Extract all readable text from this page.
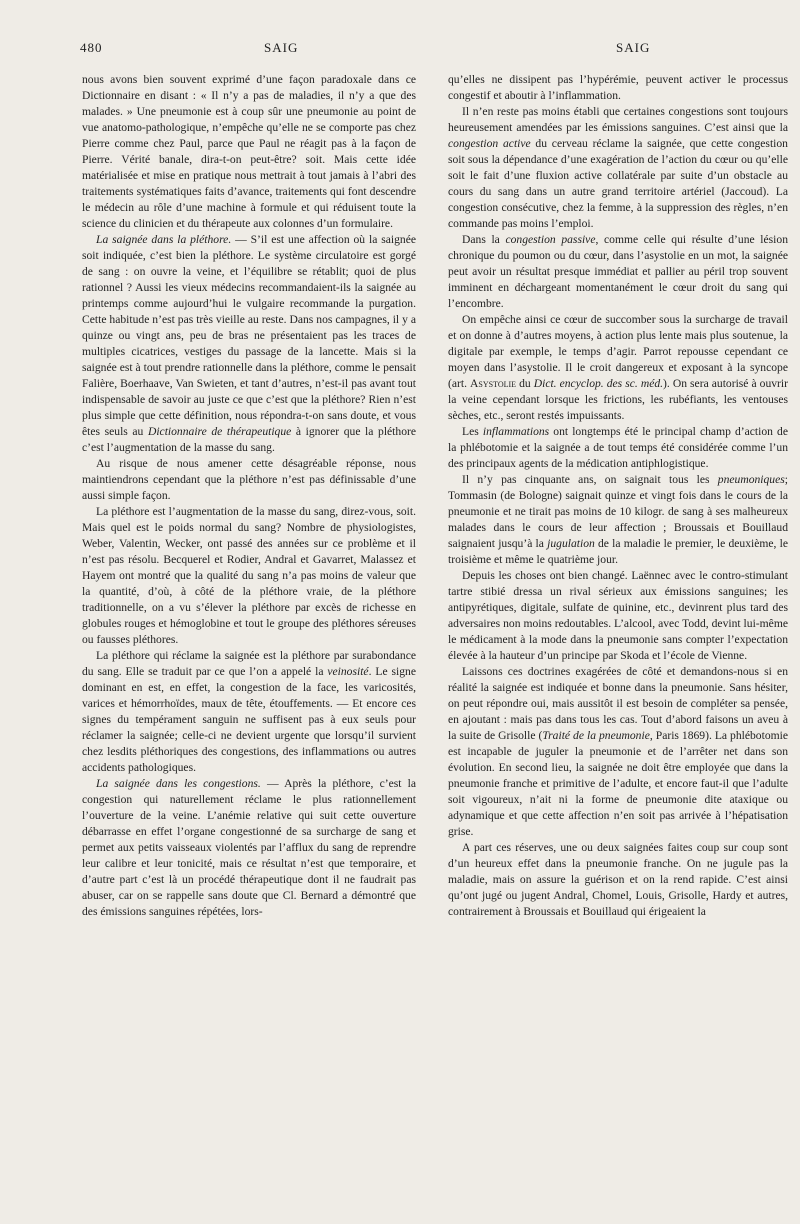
480	SAIG	SAIG

nous avons bien souvent exprimé d’une façon paradoxale dans ce Dictionnaire en disant : « Il n’y a pas de maladies, il n’y a que des malades. » Une pneumonie est à coup sûr une pneumonie au point de vue anatomo-pathologique, n’empêche qu’elle ne se comporte pas chez Pierre comme chez Paul, parce que Paul ne réagit pas à la façon de Pierre. Vérité banale, dira-t-on peut-être? soit. Mais cette idée matérialisée et mise en pratique nous mettrait à tout jamais à l’abri des traitements systématiques faits d’avance, traitements qui font descendre le médecin au rôle d’une machine à formule et qui réduisent toute la science du clinicien et du thérapeute aux colonnes d’un formulaire.

La saignée dans la pléthore. — S’il est une affection où la saignée soit indiquée, c’est bien la pléthore. Le système circulatoire est gorgé de sang : on ouvre la veine, et l’équilibre se rétablit; quoi de plus rationnel ? Aussi les vieux médecins recommandaient-ils la saignée au printemps comme aujourd’hui le vulgaire recommande la purgation. Cette habitude n’est pas très vieille au reste. Dans nos campagnes, il y a quinze ou vingt ans, peu de bras ne présentaient pas les traces de multiples cicatrices, vestiges du passage de la lancette. Mais si la saignée est à tout prendre rationnelle dans la pléthore, comme le pensait Falière, Boerhaave, Van Swieten, et tant d’autres, n’est-il pas avant tout indispensable de savoir au juste ce que c’est que la pléthore? Rien n’est plus simple que cette définition, nous répondra-t-on sans doute, et vous êtes seuls au Dictionnaire de thérapeutique à ignorer que la pléthore c’est l’augmentation de la masse du sang.

Au risque de nous amener cette désagréable réponse, nous maintiendrons cependant que la pléthore n’est pas définissable d’une aussi simple façon.

La pléthore est l’augmentation de la masse du sang, direz-vous, soit. Mais quel est le poids normal du sang? Nombre de physiologistes, Weber, Valentin, Wecker, ont passé des années sur ce problème et il n’est pas résolu. Becquerel et Rodier, Andral et Gavarret, Malassez et Hayem ont montré que la qualité du sang n’a pas moins de valeur que la quantité, d’où, à côté de la pléthore vraie, de la pléthore traditionnelle, on a vu s’élever la pléthore par excès de richesse en globules rouges et hémoglobine et tout le groupe des pléthores séreuses ou fausses pléthores.

La pléthore qui réclame la saignée est la pléthore par surabondance du sang. Elle se traduit par ce que l’on a appelé la veinosité. Le signe dominant en est, en effet, la congestion de la face, les varicosités, varices et hémorrhoïdes, maux de tête, étouffements. — Et encore ces signes du tempérament sanguin ne suffisent pas à eux seuls pour réclamer la saignée; celle-ci ne devient urgente que lorsqu’il survient chez lesdits pléthoriques des congestions, des inflammations ou autres accidents pathologiques.

La saignée dans les congestions. — Après la pléthore, c’est la congestion qui naturellement réclame le plus rationnellement l’ouverture de la veine. L’anémie relative qui suit cette ouverture débarrasse en effet l’organe congestionné de sa surcharge de sang et permet aux petits vaisseaux violentés par l’afflux du sang de reprendre leur calibre et leur tonicité, mais ce résultat n’est que temporaire, et d’autre part c’est là un procédé thérapeutique dont il ne faudrait pas abuser, car on se rappelle sans doute que Cl. Bernard a démontré que des émissions sanguines répétées, lors-

qu’elles ne dissipent pas l’hypérémie, peuvent activer le processus congestif et aboutir à l’inflammation.

Il n’en reste pas moins établi que certaines congestions sont toujours heureusement amendées par les émissions sanguines. C’est ainsi que la congestion active du cerveau réclame la saignée, que cette congestion soit sous la dépendance d’une exagération de l’action du cœur ou qu’elle soit le fait d’une fluxion active collatérale par suite d’un obstacle au cours du sang dans un autre grand territoire artériel (Jaccoud). La congestion consécutive, chez la femme, à la suppression des règles, n’en commande pas moins l’emploi.

Dans la congestion passive, comme celle qui résulte d’une lésion chronique du poumon ou du cœur, dans l’asystolie en un mot, la saignée peut avoir un résultat presque immédiat et pallier au péril trop souvent imminent en déchargeant momentanément le cœur droit du sang qui l’encombre.

On empêche ainsi ce cœur de succomber sous la surcharge de travail et on donne à d’autres moyens, à action plus lente mais plus soutenue, la digitale par exemple, le temps d’agir. Parrot repousse cependant ce moyen dans l’asystolie. Il le croit dangereux et exposant à la syncope (art. Asystolie du Dict. encyclop. des sc. méd.). On sera autorisé à ouvrir la veine cependant lorsque les frictions, les rubéfiants, les ventouses sèches, etc., seront restés impuissants.

Les inflammations ont longtemps été le principal champ d’action de la phlébotomie et la saignée a de tout temps été considérée comme l’un des principaux agents de la médication antiphlogistique.

Il n’y pas cinquante ans, on saignait tous les pneumoniques; Tommasin (de Bologne) saignait quinze et vingt fois dans le cours de la pneumonie et ne tirait pas moins de 10 kilogr. de sang à ses malheureux malades dans le cours de leur affection ; Broussais et Bouillaud saignaient jusqu’à la jugulation de la maladie le premier, le deuxième, le troisième et même le quatrième jour.

Depuis les choses ont bien changé. Laënnec avec le contro-stimulant tartre stibié dressa un rival sérieux aux émissions sanguines; les antipyrétiques, digitale, sulfate de quinine, etc., devinrent plus tard des adversaires non moins redoutables. L’alcool, avec Todd, devint lui-même le médicament à la mode dans la pneumonie sans compter l’expectation élevée à la hauteur d’un principe par Skoda et l’école de Vienne.

Laissons ces doctrines exagérées de côté et demandons-nous si en réalité la saignée est indiquée et bonne dans la pneumonie. Sans hésiter, on peut répondre oui, mais aussitôt il est besoin de compléter sa pensée, en ajoutant : mais pas dans tous les cas. Tout d’abord faisons un aveu à la suite de Grisolle (Traité de la pneumonie, Paris 1869). La phlébotomie est incapable de juguler la pneumonie et de l’arrêter net dans son évolution. En second lieu, la saignée ne doit être employée que dans la pneumonie franche et primitive de l’adulte, et encore faut-il que l’adulte soit vigoureux, n’ait ni la forme de pneumonie dite ataxique ou adynamique et que cette affection n’en soit pas arrivée à l’hépatisation grise.

A part ces réserves, une ou deux saignées faites coup sur coup sont d’un heureux effet dans la pneumonie franche. On ne jugule pas la maladie, mais on assure la guérison et on la rend rapide. C’est ainsi qu’ont jugé ou jugent Andral, Chomel, Louis, Grisolle, Hardy et autres, contrairement à Broussais et Bouillaud qui érigeaient la
